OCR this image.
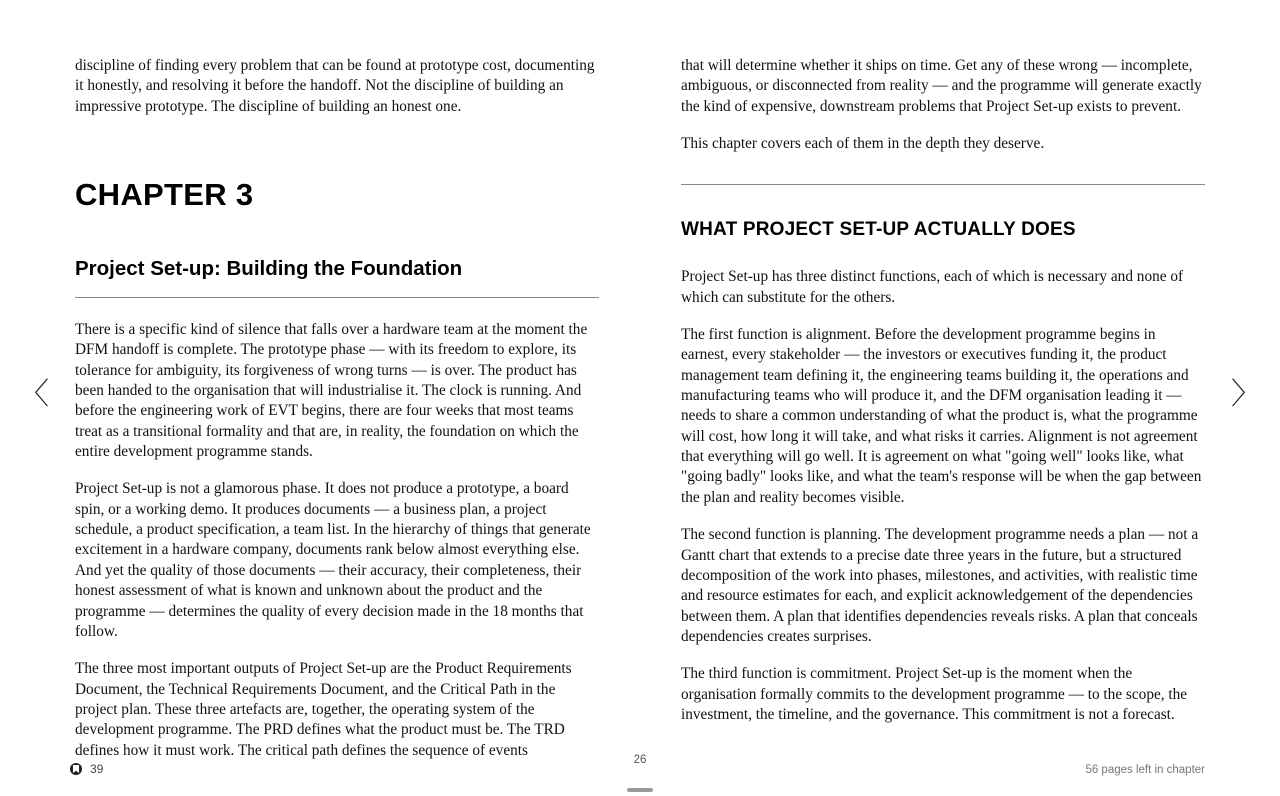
〈	〉

discipline of finding every problem that can be found at prototype cost, documenting it honestly, and resolving it before the handoff. Not the discipline of building an impressive prototype. The discipline of building an honest one.

CHAPTER 3
Project Set-up: Building the Foundation

There is a specific kind of silence that falls over a hardware team at the moment the DFM handoff is complete. The prototype phase — with its freedom to explore, its tolerance for ambiguity, its forgiveness of wrong turns — is over. The product has been handed to the organisation that will industrialise it. The clock is running. And before the engineering work of EVT begins, there are four weeks that most teams treat as a transitional formality and that are, in reality, the foundation on which the entire development programme stands.

Project Set-up is not a glamorous phase. It does not produce a prototype, a board spin, or a working demo. It produces documents — a business plan, a project schedule, a product specification, a team list. In the hierarchy of things that generate excitement in a hardware company, documents rank below almost everything else. And yet the quality of those documents — their accuracy, their completeness, their honest assessment of what is known and unknown about the product and the programme — determines the quality of every decision made in the 18 months that follow.

The three most important outputs of Project Set-up are the Product Requirements Document, the Technical Requirements Document, and the Critical Path in the project plan. These three artefacts are, together, the operating system of the development programme. The PRD defines what the product must be. The TRD defines how it must work. The critical path defines the sequence of events

that will determine whether it ships on time. Get any of these wrong — incomplete, ambiguous, or disconnected from reality — and the programme will generate exactly the kind of expensive, downstream problems that Project Set-up exists to prevent.

This chapter covers each of them in the depth they deserve.

WHAT PROJECT SET-UP ACTUALLY DOES

Project Set-up has three distinct functions, each of which is necessary and none of which can substitute for the others.

The first function is alignment. Before the development programme begins in earnest, every stakeholder — the investors or executives funding it, the product management team defining it, the engineering teams building it, the operations and manufacturing teams who will produce it, and the DFM organisation leading it — needs to share a common understanding of what the product is, what the programme will cost, how long it will take, and what risks it carries. Alignment is not agreement that everything will go well. It is agreement on what "going well" looks like, what "going badly" looks like, and what the team's response will be when the gap between the plan and reality becomes visible.

The second function is planning. The development programme needs a plan — not a Gantt chart that extends to a precise date three years in the future, but a structured decomposition of the work into phases, milestones, and activities, with realistic time and resource estimates for each, and explicit acknowledgement of the dependencies between them. A plan that identifies dependencies reveals risks. A plan that conceals dependencies creates surprises.

The third function is commitment. Project Set-up is the moment when the organisation formally commits to the development programme — to the scope, the investment, the timeline, and the governance. This commitment is not a forecast.

39
26
56 pages left in chapter
